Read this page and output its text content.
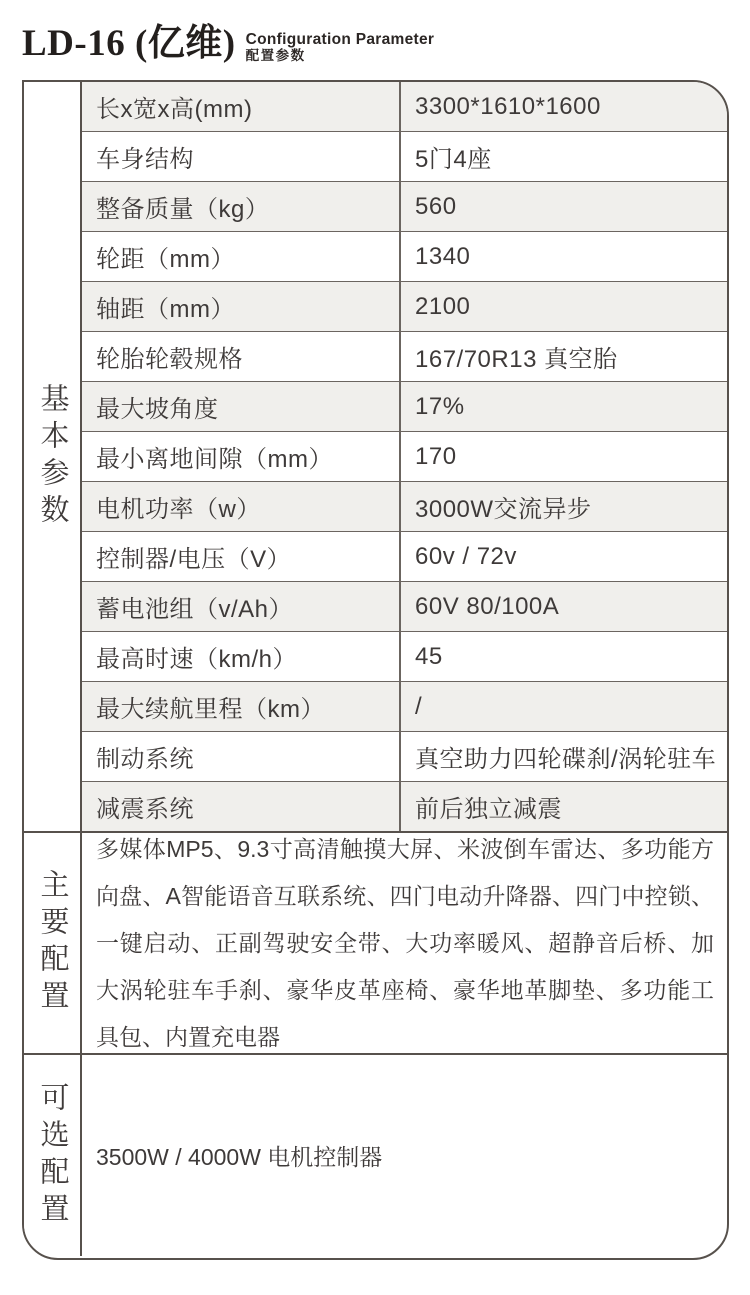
LD-16 (亿维) Configuration Parameter
配置参数
基本参数
长x宽x高(mm)	3300*1610*1600
车身结构	5门4座
整备质量（kg）	560
轮距（mm）	1340
轴距（mm）	2100
轮胎轮毂规格	167/70R13 真空胎
最大坡角度	17%
最小离地间隙（mm）	170
电机功率（w）	3000W交流异步
控制器/电压（V）	60v / 72v
蓄电池组（v/Ah）	60V 80/100A
最高时速（km/h）	45
最大续航里程（km）	/
制动系统	真空助力四轮碟刹/涡轮驻车
减震系统	前后独立减震
主要配置
多媒体MP5、9.3寸高清触摸大屏、米波倒车雷达、多功能方向盘、A智能语音互联系统、四门电动升降器、四门中控锁、一键启动、正副驾驶安全带、大功率暖风、超静音后桥、加大涡轮驻车手刹、豪华皮革座椅、豪华地革脚垫、多功能工具包、内置充电器
可选配置 3500W / 4000W 电机控制器
